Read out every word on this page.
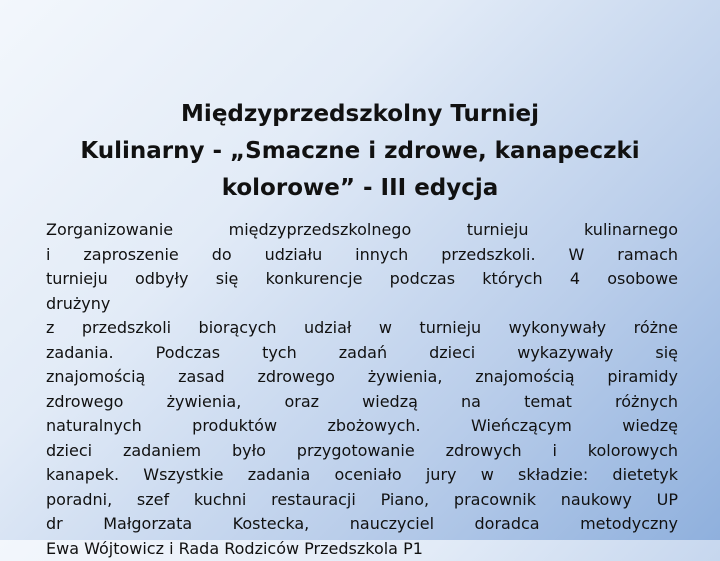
Międzyprzedszkolny Turniej
Kulinarny - „Smaczne i zdrowe, kanapeczki
kolorowe” - III edycja
Zorganizowanie międzyprzedszkolnego turnieju kulinarnego
i zaproszenie do udziału innych przedszkoli. W ramach
turnieju odbyły się konkurencje podczas których 4 osobowe
drużyny
z przedszkoli biorących udział w turnieju wykonywały różne
zadania. Podczas tych zadań dzieci wykazywały się
znajomością zasad zdrowego żywienia, znajomością piramidy
zdrowego żywienia, oraz wiedzą na temat różnych
naturalnych produktów zbożowych. Wieńczącym wiedzę
dzieci zadaniem było przygotowanie zdrowych i kolorowych
kanapek. Wszystkie zadania oceniało jury w składzie: dietetyk
poradni, szef kuchni restauracji Piano, pracownik naukowy UP
dr Małgorzata Kostecka, nauczyciel doradca metodyczny
Ewa Wójtowicz i Rada Rodziców Przedszkola P1
